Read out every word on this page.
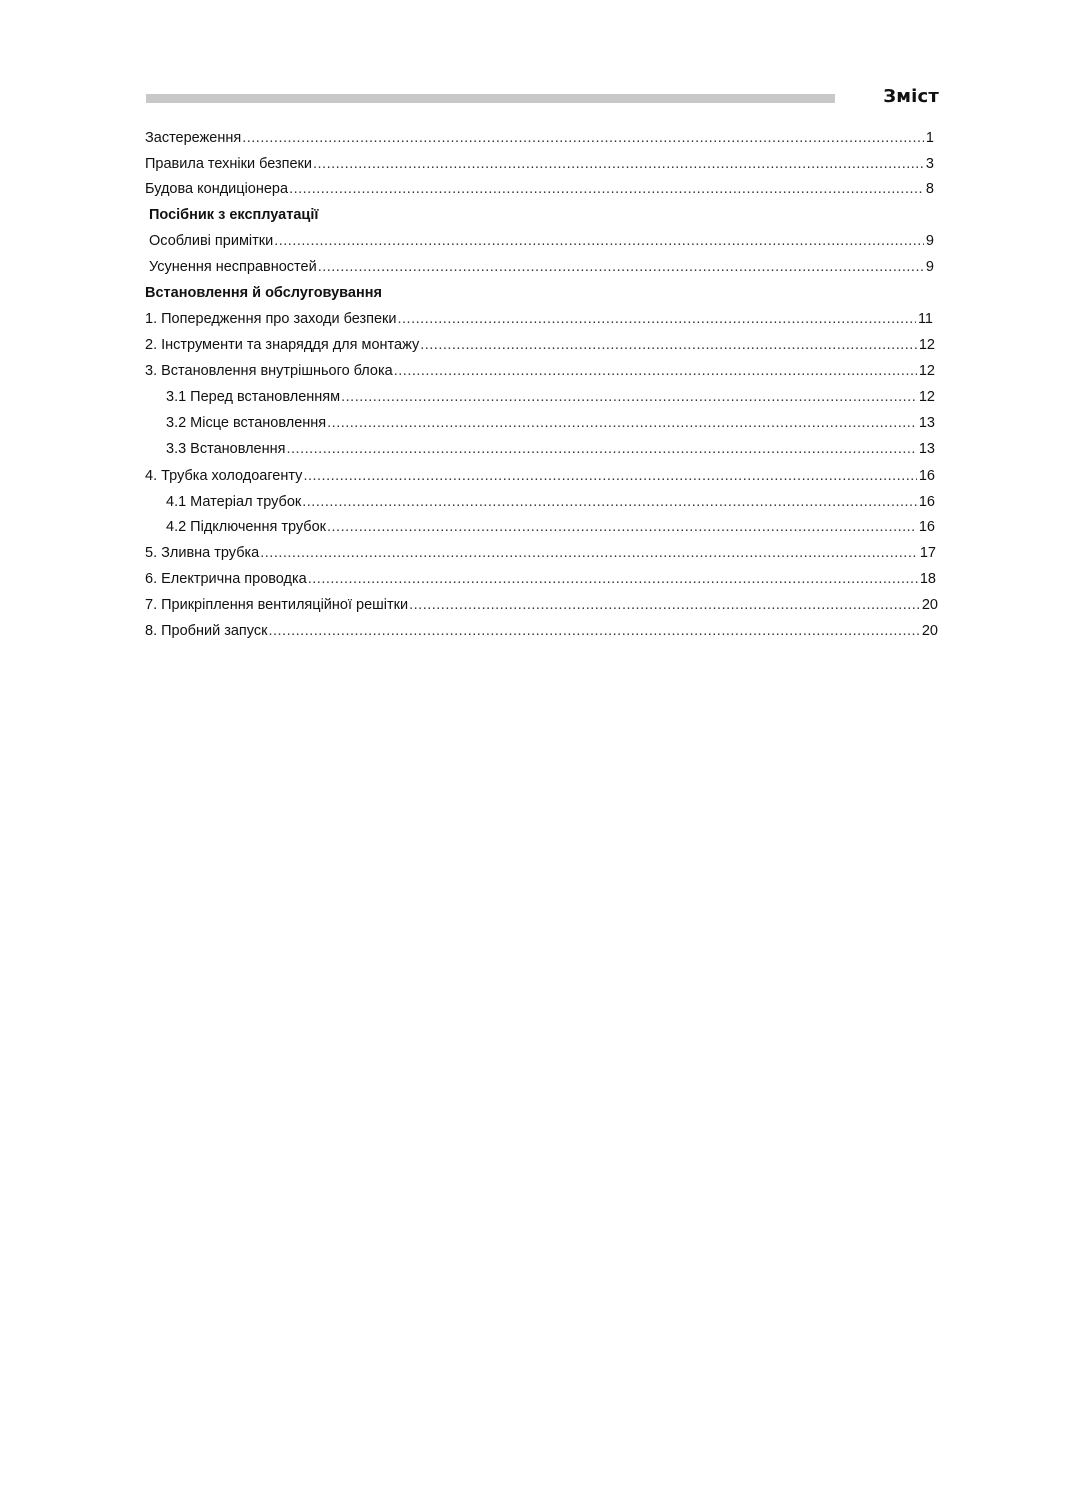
Зміст
Застереження .....	1
Правила техніки безпеки .....	3
Будова кондиціонера .....	8
Посібник з експлуатації
Особливі примітки .....	9
Усунення несправностей .....	9
Встановлення й обслуговування
1. Попередження про заходи безпеки .....	11
2. Інструменти та знаряддя для монтажу .....	12
3. Встановлення внутрішнього блока .....	12
3.1 Перед встановленням .....	12
3.2 Місце встановлення .....	13
3.3 Встановлення .....	13
4. Трубка холодоагенту .....	16
4.1 Матеріал трубок .....	16
4.2 Підключення трубок .....	16
5. Зливна трубка .....	17
6. Електрична проводка .....	18
7. Прикріплення вентиляційної решітки .....	20
8. Пробний запуск .....	20
